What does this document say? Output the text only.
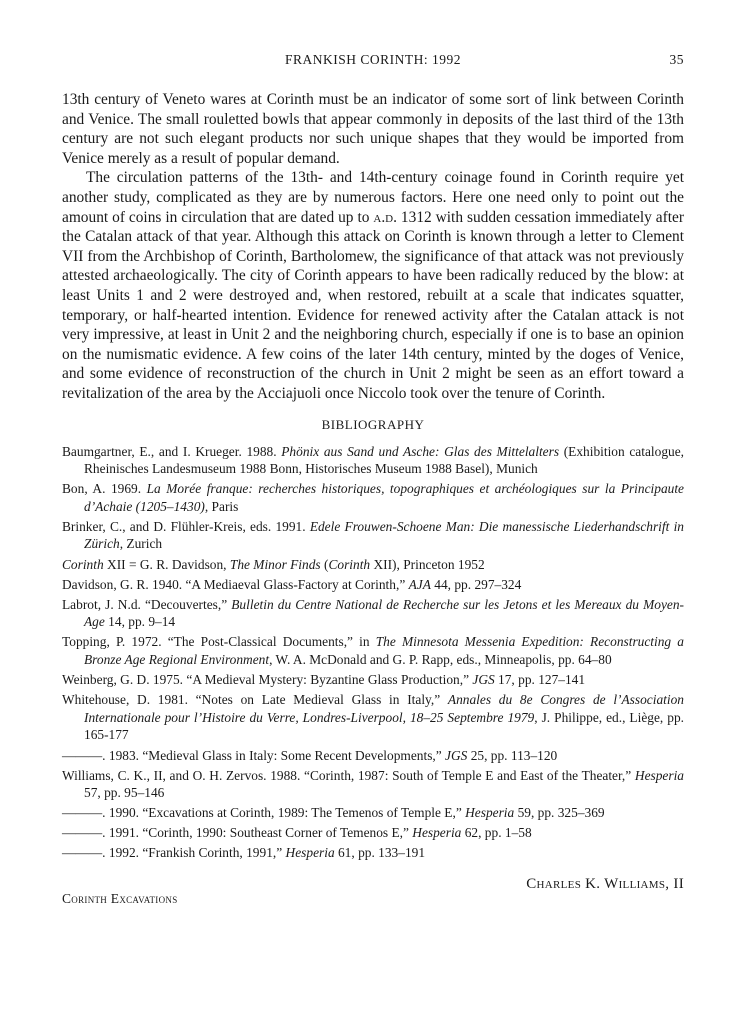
FRANKISH CORINTH: 1992	35

13th century of Veneto wares at Corinth must be an indicator of some sort of link between Corinth and Venice. The small rouletted bowls that appear commonly in deposits of the last third of the 13th century are not such elegant products nor such unique shapes that they would be imported from Venice merely as a result of popular demand.

The circulation patterns of the 13th- and 14th-century coinage found in Corinth require yet another study, complicated as they are by numerous factors. Here one need only to point out the amount of coins in circulation that are dated up to a.d. 1312 with sudden cessation immediately after the Catalan attack of that year. Although this attack on Corinth is known through a letter to Clement VII from the Archbishop of Corinth, Bartholomew, the significance of that attack was not previously attested archaeologically. The city of Corinth appears to have been radically reduced by the blow: at least Units 1 and 2 were destroyed and, when restored, rebuilt at a scale that indicates squatter, temporary, or half-hearted intention. Evidence for renewed activity after the Catalan attack is not very impressive, at least in Unit 2 and the neighboring church, especially if one is to base an opinion on the numismatic evidence. A few coins of the later 14th century, minted by the doges of Venice, and some evidence of reconstruction of the church in Unit 2 might be seen as an effort toward a revitalization of the area by the Acciajuoli once Niccolo took over the tenure of Corinth.

BIBLIOGRAPHY

Baumgartner, E., and I. Krueger. 1988. Phönix aus Sand und Asche: Glas des Mittelalters (Exhibition catalogue, Rheinisches Landesmuseum 1988 Bonn, Historisches Museum 1988 Basel), Munich

Bon, A. 1969. La Morée franque: recherches historiques, topographiques et archéologiques sur la Principaute d’Achaie (1205–1430), Paris

Brinker, C., and D. Flühler-Kreis, eds. 1991. Edele Frouwen-Schoene Man: Die manessische Liederhandschrift in Zürich, Zurich

Corinth XII = G. R. Davidson, The Minor Finds (Corinth XII), Princeton 1952

Davidson, G. R. 1940. “A Mediaeval Glass-Factory at Corinth,” AJA 44, pp. 297–324

Labrot, J. N.d. “Decouvertes,” Bulletin du Centre National de Recherche sur les Jetons et les Mereaux du Moyen-Age 14, pp. 9–14

Topping, P. 1972. “The Post-Classical Documents,” in The Minnesota Messenia Expedition: Reconstructing a Bronze Age Regional Environment, W. A. McDonald and G. P. Rapp, eds., Minneapolis, pp. 64–80

Weinberg, G. D. 1975. “A Medieval Mystery: Byzantine Glass Production,” JGS 17, pp. 127–141

Whitehouse, D. 1981. “Notes on Late Medieval Glass in Italy,” Annales du 8e Congres de l’Association Internationale pour l’Histoire du Verre, Londres-Liverpool, 18–25 Septembre 1979, J. Philippe, ed., Liège, pp. 165-177

———. 1983. “Medieval Glass in Italy: Some Recent Developments,” JGS 25, pp. 113–120

Williams, C. K., II, and O. H. Zervos. 1988. “Corinth, 1987: South of Temple E and East of the Theater,” Hesperia 57, pp. 95–146

———. 1990. “Excavations at Corinth, 1989: The Temenos of Temple E,” Hesperia 59, pp. 325–369

———. 1991. “Corinth, 1990: Southeast Corner of Temenos E,” Hesperia 62, pp. 1–58

———. 1992. “Frankish Corinth, 1991,” Hesperia 61, pp. 133–191

Charles K. Williams, II
Corinth Excavations
